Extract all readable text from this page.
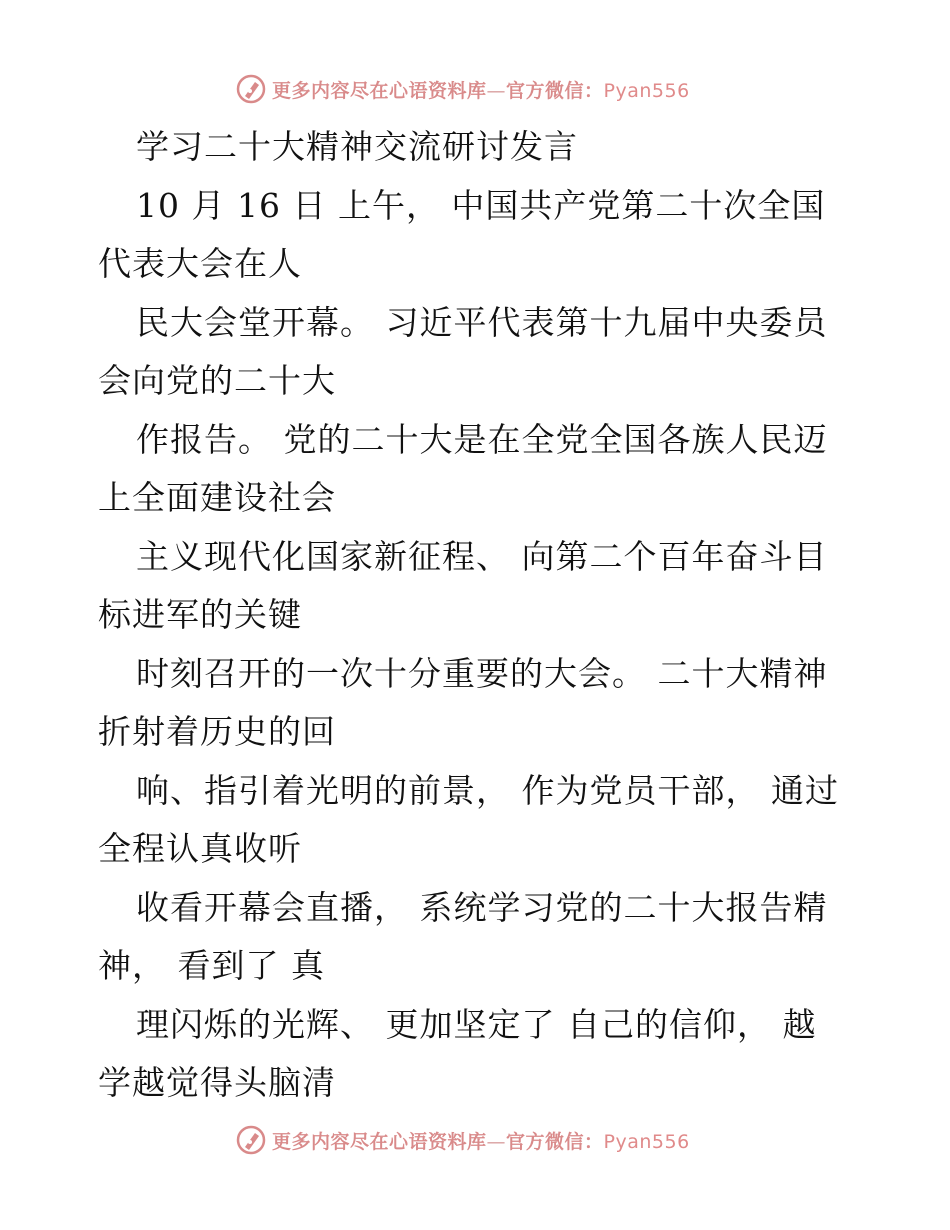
更多内容尽在心语资料库—官方微信：Pyan556
学习二十大精神交流研讨发言
10 月 16 日 上午， 中国共产党第二十次全国
代表大会在人
民大会堂开幕。 习近平代表第十九届中央委员
会向党的二十大
作报告。 党的二十大是在全党全国各族人民迈
上全面建设社会
主义现代化国家新征程、 向第二个百年奋斗目
标进军的关键
时刻召开的一次十分重要的大会。 二十大精神
折射着历史的回
响、指引着光明的前景， 作为党员干部， 通过
全程认真收听
收看开幕会直播， 系统学习党的二十大报告精
神， 看到了 真
理闪烁的光辉、 更加坚定了 自己的信仰， 越
学越觉得头脑清
更多内容尽在心语资料库—官方微信：Pyan556
